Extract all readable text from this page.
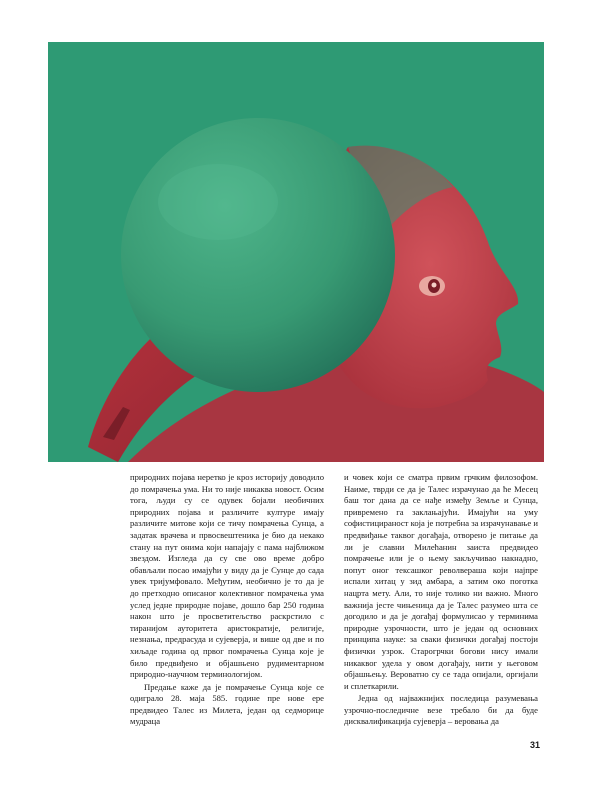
природних појава неретко је кроз историју доводило до помрачења ума. Ни то није никаква новост. Осим тога, људи су се одувек бојали необичних природних појава и различите културе имају различите митове који се тичу помрачења Сунца, а задатак врачева и првосвештеника је био да некако стану на пут онима који напајају с пама најближом звездом. Изгледа да су све ово време добро обављали посао имајући у виду да је Сунце до сада увек тријумфовало. Међутим, необично је то да је до претходно описаног колективног помрачења ума услед једне природне појаве, дошло бар 250 година након што је просветитељство раскрстило с тиранијом ауторитета аристократије, религије, незнања, предрасуда и сујеверја, и више од две и по хиљаде година од првог помрачења Сунца које је било предвиђено и објашњено рудиментарном природно-научном терминологијом.

Предање каже да је помрачење Сунца које се одиграло 28. маја 585. године пре нове ере предвидео Талес из Милета, један од седморице мудраца

и човек који се сматра првим грчким филозофом. Наиме, тврди се да је Талес израчунао да ће Месец баш тог дана да се нађе између Земље и Сунца, привремено га заклањајући. Имајући на уму софистицираност која је потребна за израчунавање и предвиђање таквог догађаја, отворено је питање да ли је славни Милећанин заиста предвидео помрачење или је о њему закључивао накнадно, попут оног тексашког револвераша који најпре испали хитац у зид амбара, а затим око поготка нацрта мету. Али, то није толико ни важно. Много важнија јесте чињеница да је Талес разумео шта се догодило и да је догађај формулисао у терминима природне узрочности, што је један од основних принципа науке: за сваки физички догађај постоји физички узрок. Старогрчки богови нису имали никаквог удела у овом догађају, нити у његовом објашњењу. Вероватно су се тада опијали, оргијали и сплеткарили.

Једна од најважнијих последица разумевања узрочно-последичне везе требало би да буде дисквалификација сујеверја – веровања да

31
